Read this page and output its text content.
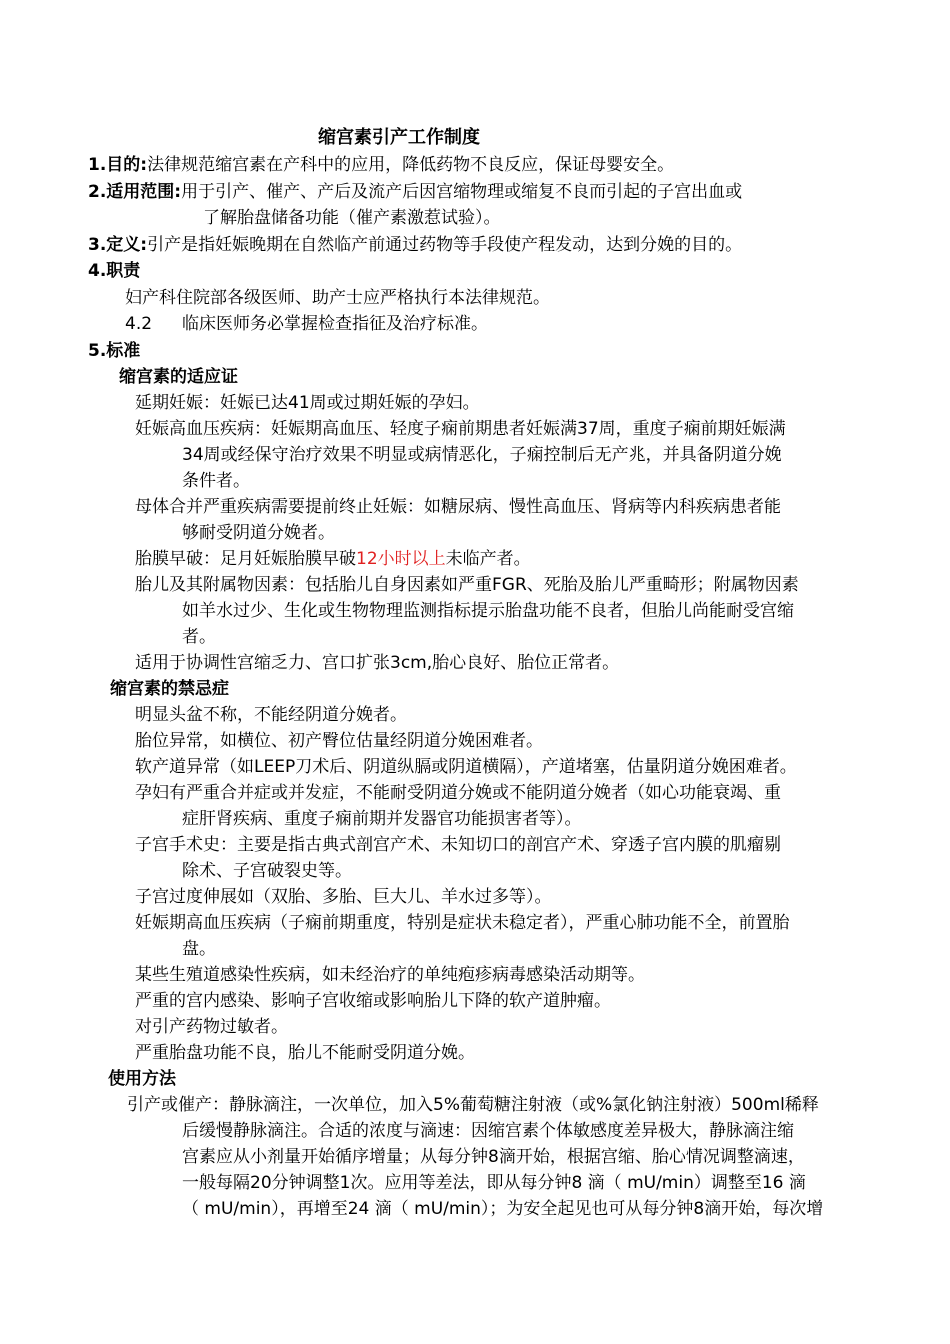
缩宫素引产工作制度
1.目的:法律规范缩宫素在产科中的应用，降低药物不良反应，保证母婴安全。
2.适用范围:用于引产、催产、产后及流产后因宫缩物理或缩复不良而引起的子宫出血或
了解胎盘储备功能（催产素激惹试验）。
3.定义:引产是指妊娠晚期在自然临产前通过药物等手段使产程发动，达到分娩的目的。
4.职责
妇产科住院部各级医师、助产士应严格执行本法律规范。
4.2 临床医师务必掌握检查指征及治疗标准。
5.标准
缩宫素的适应证
延期妊娠：妊娠已达41周或过期妊娠的孕妇。
妊娠高血压疾病：妊娠期高血压、轻度子痫前期患者妊娠满37周，重度子痫前期妊娠满
34周或经保守治疗效果不明显或病情恶化，子痫控制后无产兆，并具备阴道分娩
条件者。
母体合并严重疾病需要提前终止妊娠：如糖尿病、慢性高血压、肾病等内科疾病患者能
够耐受阴道分娩者。
胎膜早破：足月妊娠胎膜早破12小时以上未临产者。
胎儿及其附属物因素：包括胎儿自身因素如严重FGR、死胎及胎儿严重畸形；附属物因素
如羊水过少、生化或生物物理监测指标提示胎盘功能不良者，但胎儿尚能耐受宫缩
者。
适用于协调性宫缩乏力、宫口扩张3cm,胎心良好、胎位正常者。
缩宫素的禁忌症
明显头盆不称，不能经阴道分娩者。
胎位异常，如横位、初产臀位估量经阴道分娩困难者。
软产道异常（如LEEP刀术后、阴道纵膈或阴道横隔），产道堵塞，估量阴道分娩困难者。
孕妇有严重合并症或并发症，不能耐受阴道分娩或不能阴道分娩者（如心功能衰竭、重
症肝肾疾病、重度子痫前期并发器官功能损害者等）。
子宫手术史：主要是指古典式剖宫产术、未知切口的剖宫产术、穿透子宫内膜的肌瘤剔
除术、子宫破裂史等。
子宫过度伸展如（双胎、多胎、巨大儿、羊水过多等）。
妊娠期高血压疾病（子痫前期重度，特别是症状未稳定者），严重心肺功能不全，前置胎
盘。
某些生殖道感染性疾病，如未经治疗的单纯疱疹病毒感染活动期等。
严重的宫内感染、影响子宫收缩或影响胎儿下降的软产道肿瘤。
对引产药物过敏者。
严重胎盘功能不良，胎儿不能耐受阴道分娩。
使用方法
引产或催产：静脉滴注，一次单位，加入5%葡萄糖注射液（或%氯化钠注射液）500ml稀释
后缓慢静脉滴注。合适的浓度与滴速：因缩宫素个体敏感度差异极大，静脉滴注缩
宫素应从小剂量开始循序增量；从每分钟8滴开始，根据宫缩、胎心情况调整滴速，
一般每隔20分钟调整1次。应用等差法，即从每分钟8 滴（ mU/min）调整至16 滴
（ mU/min），再增至24 滴（ mU/min）；为安全起见也可从每分钟8滴开始，每次增
